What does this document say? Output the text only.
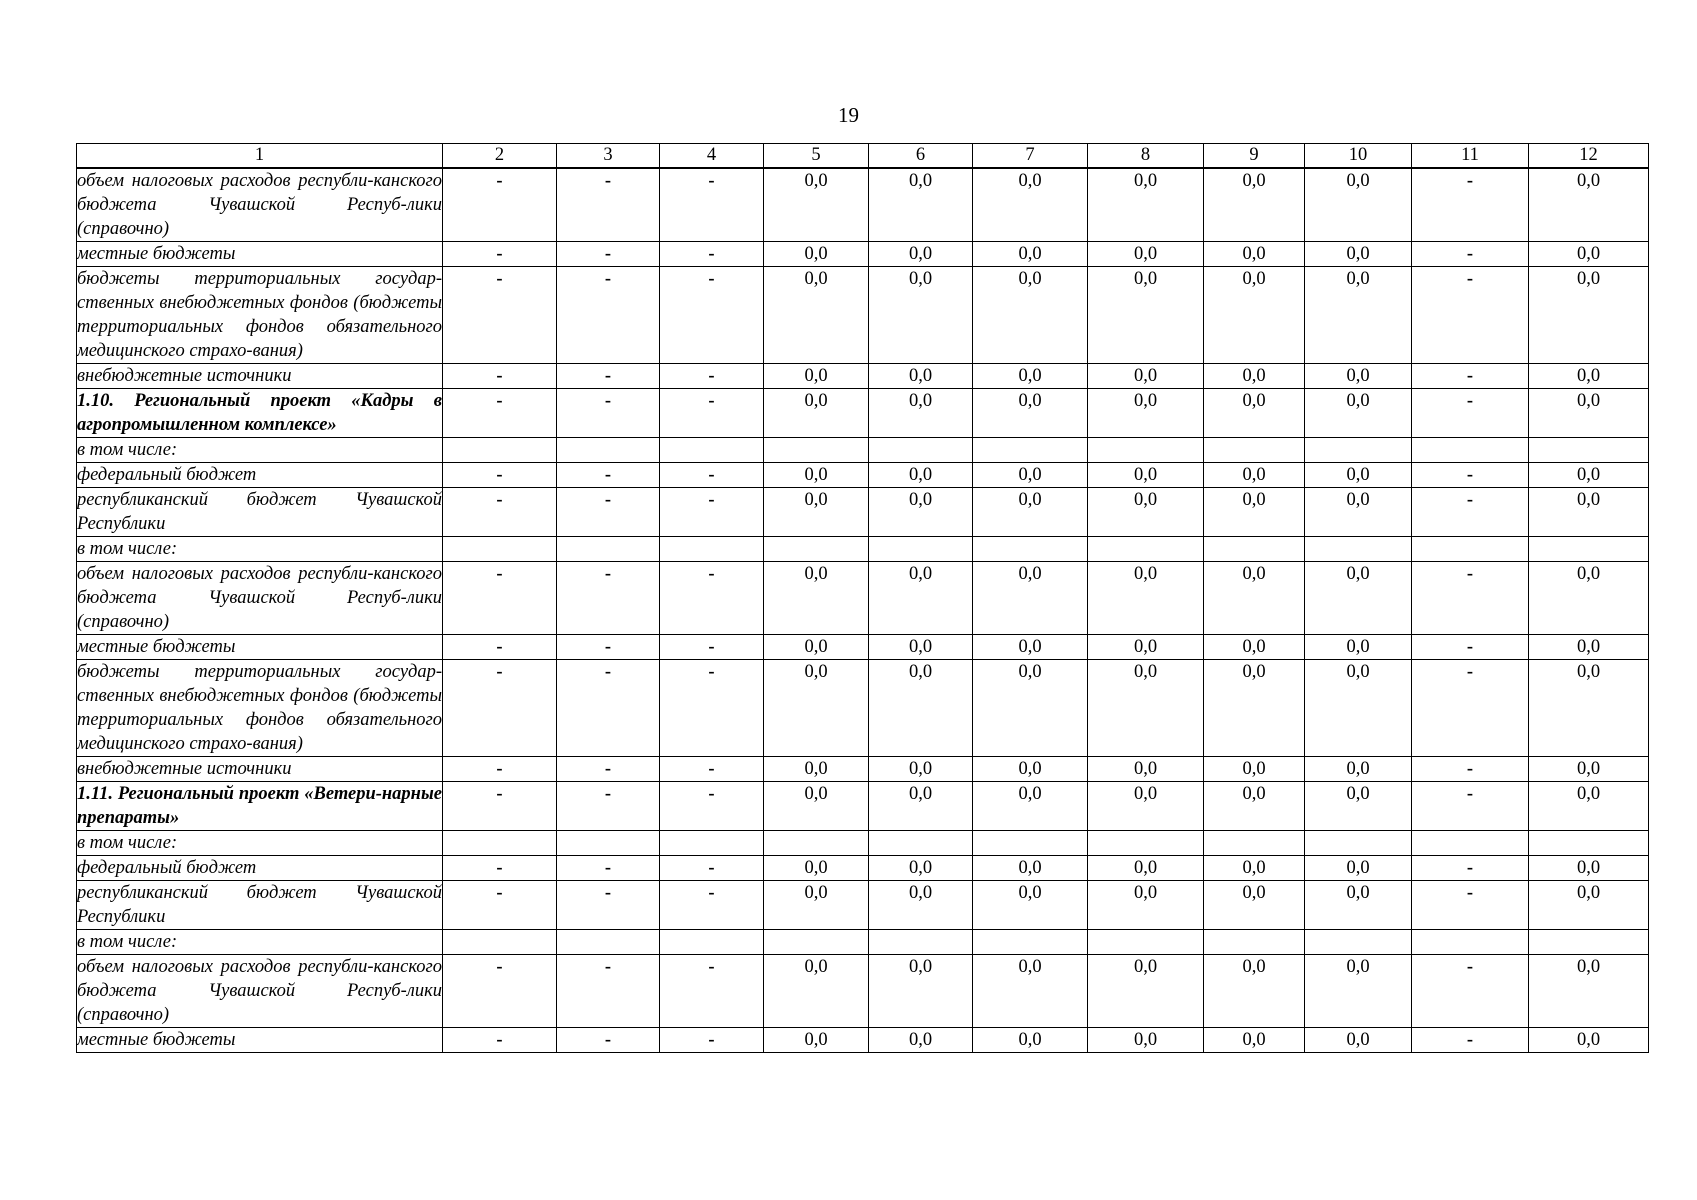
19
1	2	3	4	5	6	7	8	9	10	11	12
объем налоговых расходов республи-канского бюджета Чувашской Респуб-лики (справочно)	-	-	-	0,0	0,0	0,0	0,0	0,0	0,0	-	0,0
местные бюджеты	-	-	-	0,0	0,0	0,0	0,0	0,0	0,0	-	0,0
бюджеты территориальных государ-ственных внебюджетных фондов (бюджеты территориальных фондов обязательного медицинского страхо-вания)	-	-	-	0,0	0,0	0,0	0,0	0,0	0,0	-	0,0
внебюджетные источники	-	-	-	0,0	0,0	0,0	0,0	0,0	0,0	-	0,0
1.10. Региональный проект «Кадры в агропромышленном комплексе»	-	-	-	0,0	0,0	0,0	0,0	0,0	0,0	-	0,0
в том числе:											
федеральный бюджет	-	-	-	0,0	0,0	0,0	0,0	0,0	0,0	-	0,0
республиканский бюджет Чувашской Республики	-	-	-	0,0	0,0	0,0	0,0	0,0	0,0	-	0,0
в том числе:											
объем налоговых расходов республи-канского бюджета Чувашской Респуб-лики (справочно)	-	-	-	0,0	0,0	0,0	0,0	0,0	0,0	-	0,0
местные бюджеты	-	-	-	0,0	0,0	0,0	0,0	0,0	0,0	-	0,0
бюджеты территориальных государ-ственных внебюджетных фондов (бюджеты территориальных фондов обязательного медицинского страхо-вания)	-	-	-	0,0	0,0	0,0	0,0	0,0	0,0	-	0,0
внебюджетные источники	-	-	-	0,0	0,0	0,0	0,0	0,0	0,0	-	0,0
1.11. Региональный проект «Ветери-нарные препараты»	-	-	-	0,0	0,0	0,0	0,0	0,0	0,0	-	0,0
в том числе:											
федеральный бюджет	-	-	-	0,0	0,0	0,0	0,0	0,0	0,0	-	0,0
республиканский бюджет Чувашской Республики	-	-	-	0,0	0,0	0,0	0,0	0,0	0,0	-	0,0
в том числе:											
объем налоговых расходов республи-канского бюджета Чувашской Респуб-лики (справочно)	-	-	-	0,0	0,0	0,0	0,0	0,0	0,0	-	0,0
местные бюджеты	-	-	-	0,0	0,0	0,0	0,0	0,0	0,0	-	0,0
